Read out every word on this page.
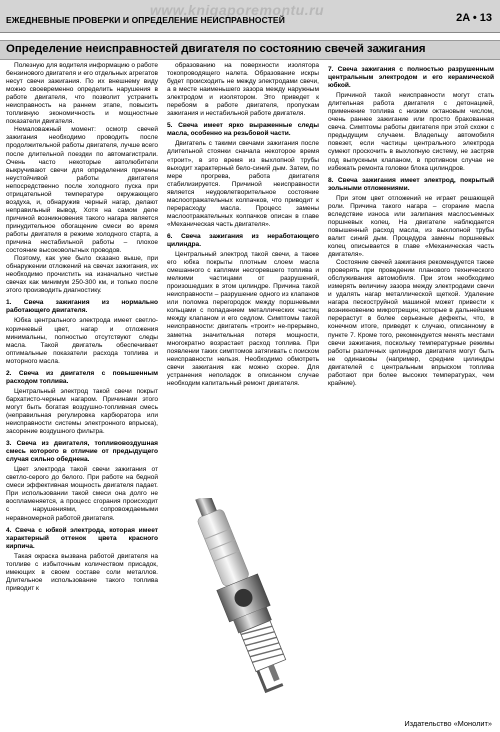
www.knigaporemontu.ru
ЕЖЕДНЕВНЫЕ ПРОВЕРКИ И ОПРЕДЕЛЕНИЕ НЕИСПРАВНОСТЕЙ	2A • 13
Определение неисправностей двигателя по состоянию свечей зажигания

Полезную для водителя информацию о работе бензинового двигателя и его отдельных агрегатов несут свечи зажигания. По их внешнему виду можно своевременно определить нарушения в работе двигателя, что позволит устранить неисправность на раннем этапе, повысить топливную экономичность и мощностные показатели двигателя.

Немаловажный момент: осмотр свечей зажигания необходимо проводить после продолжительной работы двигателя, лучше всего после длительной поездки по автомагистрали. Очень часто некоторые автолюбители выкручивают свечи для определения причины неустойчивой работы двигателя непосредственно после холодного пуска при отрицательной температуре окружающего воздуха, и, обнаружив черный нагар, делают неправильный вывод. Хотя на самом деле причиной возникновения такого нагара является принудительное обогащение смеси во время работы двигателя в режиме холодного старта, а причина нестабильной работы – плохое состояние высоковольтных проводов.

Поэтому, как уже было сказано выше, при обнаружении отложений на свечах зажигания, их необходимо прочистить на изначально чистые свечах как минимум 250-300 км, и только после этого производить диагностику.

1. Свеча зажигания из нормально работающего двигателя.

Юбка центрального электрода имеет светло-коричневый цвет, нагар и отложения минимальны, полностью отсутствуют следы масла. Такой двигатель обеспечивает оптимальные показатели расхода топлива и моторного масла.

2. Свеча из двигателя с повышенным расходом топлива.

Центральный электрод такой свечи покрыт бархатисто-черным нагаром. Причинами этого могут быть богатая воздушно-топливная смесь (неправильная регулировка карбюратора или неисправности системы электронного впрыска), засорение воздушного фильтра.

3. Свеча из двигателя, топливовоздушная смесь которого в отличие от предыдущего случая сильно обеднена.

Цвет электрода такой свечи зажигания от светло-серого до белого. При работе на бедной смеси эффективная мощность двигателя падает. При использовании такой смеси она долго не воспламеняется, а процесс сгорания происходит с нарушениями, сопровождаемыми неравномерной работой двигателя.

4. Свеча с юбкой электрода, которая имеет характерный оттенок цвета красного кирпича.

Такая окраска вызвана работой двигателя на топливе с избыточным количеством присадок, имеющих в своем составе соли металлов. Длительное использование такого топлива приводит к

образованию на поверхности изолятора токопроводящего налета. Образование искры будет происходить не между электродами свечи, а в месте наименьшего зазора между наружным электродом и изолятором. Это приведет к перебоям в работе двигателя, пропускам зажигания и нестабильной работе двигателя.

5. Свеча имеет ярко выраженные следы масла, особенно на резьбовой части.

Двигатель с такими свечами зажигания после длительной стоянки сначала некоторое время «троит», в это время из выхлопной трубы выходит характерный бело-синий дым. Затем, по мере прогрева, работа двигателя стабилизируется. Причиной неисправности является неудовлетворительное состояние маслоотражательных колпачков, что приводит к перерасходу масла. Процесс замены маслоотражательных колпачков описан в главе «Механическая часть двигателя».

6. Свеча зажигания из неработающего цилиндра.

Центральный электрод такой свечи, а также его юбка покрыты плотным слоем масла смешанного с каплями несгоревшего топлива и мелкими частицами от разрушений, произошедших в этом цилиндре. Причина такой неисправности – разрушение одного из клапанов или поломка перегородок между поршневыми кольцами с попаданием металлических частиц между клапаном и его седлом. Симптомы такой неисправности: двигатель «троит» не-прерывно, заметна значительная потеря мощности, многократно возрастает расход топлива. При появлении таких симптомов затягивать с поиском неисправности нельзя. Необходимо обмотреть свечи зажигания как можно скорее. Для устранения неполадок в описанном случае необходим капитальный ремонт двигателя.

7. Свеча зажигания с полностью разрушенным центральным электродом и его керамической юбкой.

Причиной такой неисправности могут стать длительная работа двигателя с детонацией, применение топлива с низким октановым числом, очень раннее зажигание или просто бракованная свеча. Симптомы работы двигателя при этой схожи с предыдущим случаем. Владельцу автомобиля повезет, если частицы центрального электрода сумеют проскочить в выхлопную систему, не застряв под выпускным клапаном, в противном случае не избежать ремонта головки блока цилиндров.

8. Свеча зажигания имеет электрод, покрытый зольными отложениями.

При этом цвет отложений не играет решающей роли. Причина такого нагара – сгорание масла вследствие износа или залипания маслосъемных поршневых колец. На двигателе наблюдается повышенный расход масла, из выхлопной трубы валит синий дым. Процедура замены поршневых колец описывается в главе «Механическая часть двигателя».

Состояние свечей зажигания рекомендуется также проверять при проведении планового технического обслуживания автомобиля. При этом необходимо измерять величину зазора между электродами свечи и удалять нагар металлической щеткой. Удаление нагара пескоструйной машиной может привести к возникновению микротрещин, которые в дальнейшем перерастут в более серьезные дефекты, что, в конечном итоге, приведет к случаю, описанному в пункте 7. Кроме того, рекомендуется менять местами свечи зажигания, поскольку температурные режимы работы различных цилиндров двигателя могут быть не одинаковы (например, средние цилиндры двигателей с центральным впрыском топлива работают при более высоких температурах, чем крайние).

Издательство «Монолит»
